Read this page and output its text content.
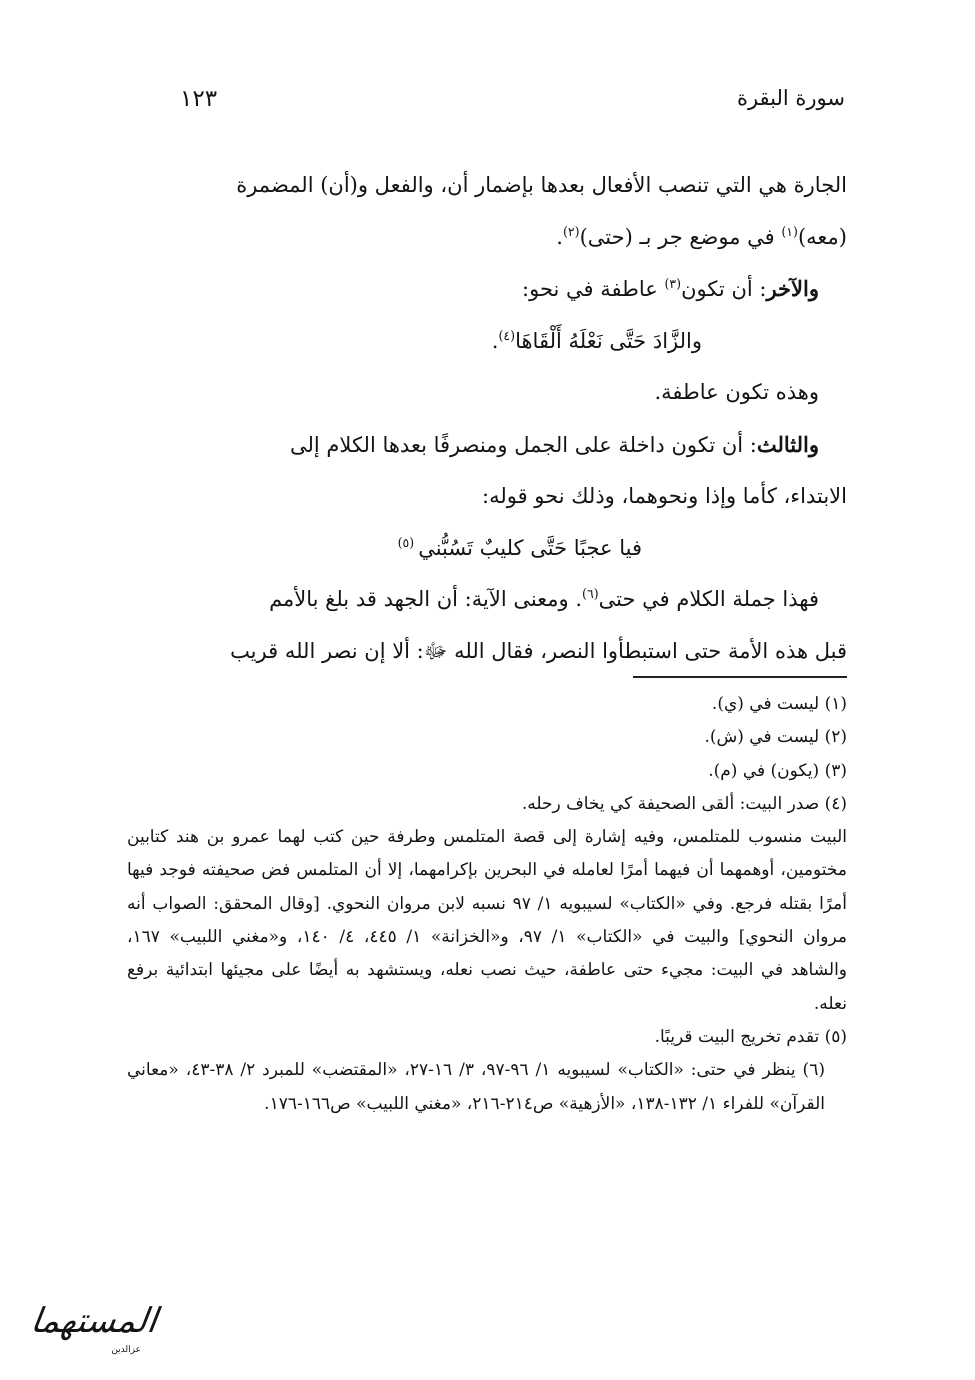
سورة البقرة
١٢٣

الجارة هي التي تنصب الأفعال بعدها بإضمار أن، والفعل و(أن) المضمرة

(معه)$^{(١)}$ في موضع جر بـ (حتى)$^{(٢)}$.

والآخر: أن تكون$^{(٣)}$ عاطفة في نحو:

والزَّادَ حَتَّى نَعْلَهُ أَلْقَاهَا$^{(٤)}$.

وهذه تكون عاطفة.

والثالث: أن تكون داخلة على الجمل ومنصرفًا بعدها الكلام إلى

الابتداء، كأما وإذا ونحوهما، وذلك نحو قوله:

فيا عجبًا حَتَّى كليبٌ تَسُبُّني $^{(٥)}$

فهذا جملة الكلام في حتى$^{(٦)}$. ومعنى الآية: أن الجهد قد بلغ بالأمم

قبل هذه الأمة حتى استبطأوا النصر، فقال الله ﷻ: ألا إن نصر الله قريب

(١) ليست في (ي).

(٢) ليست في (ش).

(٣) (يكون) في (م).

(٤) صدر البيت: ألقى الصحيفة كي يخاف رحله.

البيت منسوب للمتلمس، وفيه إشارة إلى قصة المتلمس وطرفة حين كتب لهما عمرو بن هند كتابين مختومين، أوهمهما أن فيهما أمرًا لعامله في البحرين بإكرامهما، إلا أن المتلمس فض صحيفته فوجد فيها أمرًا بقتله فرجع. وفي «الكتاب» لسيبويه ١/ ٩٧ نسبه لابن مروان النحوي. [وقال المحقق: الصواب أنه مروان النحوي] والبيت في «الكتاب» ١/ ٩٧، و«الخزانة» ١/ ٤٤٥، ٤/ ١٤٠، و«مغني اللبيب» ١٦٧، والشاهد في البيت: مجيء حتى عاطفة، حيث نصب نعله، ويستشهد به أيضًا على مجيئها ابتدائية برفع نعله.

(٥) تقدم تخريج البيت قريبًا.

(٦) ينظر في حتى: «الكتاب» لسيبويه ١/ ٩٦-٩٧، ٣/ ١٦-٢٧، «المقتضب» للمبرد ٢/ ٣٨-٤٣، «معاني القرآن» للفراء ١/ ١٣٢-١٣٨، «الأزهية» ص٢١٤-٢١٦، «مغني اللبيب» ص١٦٦-١٧٦.

المستهما
عزالدين
